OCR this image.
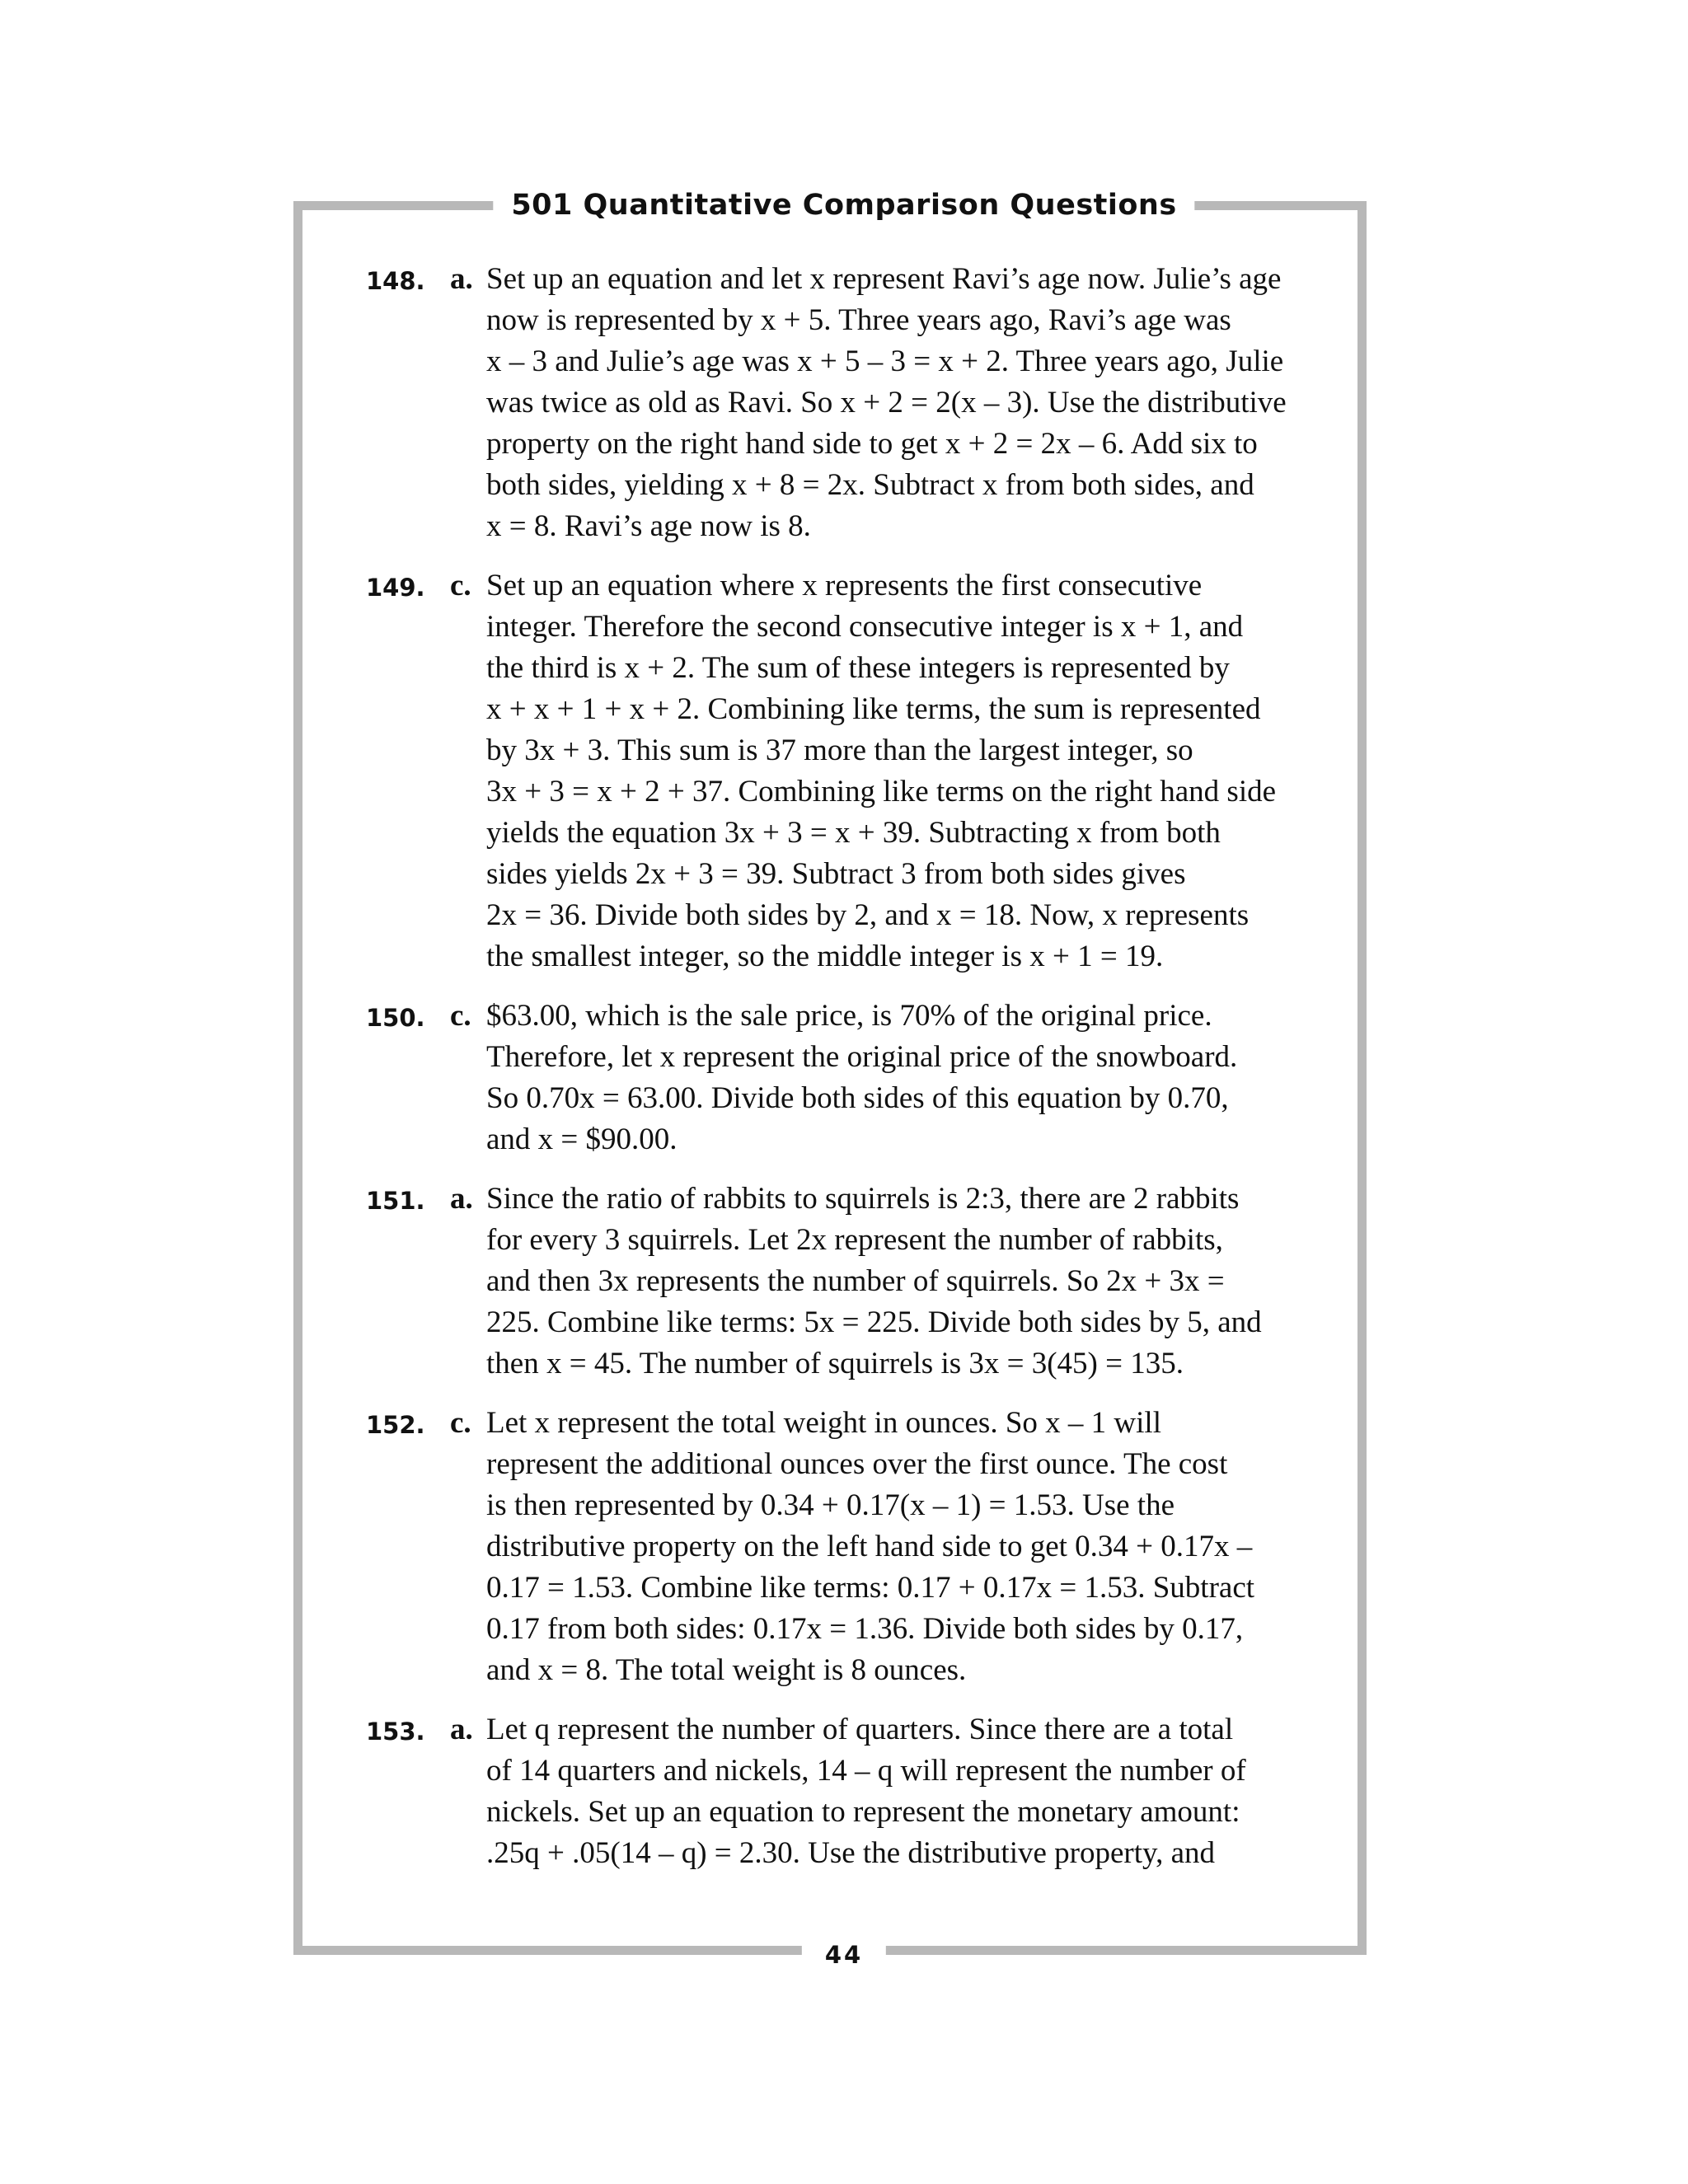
501 Quantitative Comparison Questions
148. a. Set up an equation and let x represent Ravi’s age now. Julie’s age
now is represented by x + 5. Three years ago, Ravi’s age was
x – 3 and Julie’s age was x + 5 – 3 = x + 2. Three years ago, Julie
was twice as old as Ravi. So x + 2 = 2(x – 3). Use the distributive
property on the right hand side to get x + 2 = 2x – 6. Add six to
both sides, yielding x + 8 = 2x. Subtract x from both sides, and
x = 8. Ravi’s age now is 8.
149. c. Set up an equation where x represents the first consecutive
integer. Therefore the second consecutive integer is x + 1, and
the third is x + 2. The sum of these integers is represented by
x + x + 1 + x + 2. Combining like terms, the sum is represented
by 3x + 3. This sum is 37 more than the largest integer, so
3x + 3 = x + 2 + 37. Combining like terms on the right hand side
yields the equation 3x + 3 = x + 39. Subtracting x from both
sides yields 2x + 3 = 39. Subtract 3 from both sides gives
2x = 36. Divide both sides by 2, and x = 18. Now, x represents
the smallest integer, so the middle integer is x + 1 = 19.
150. c. $63.00, which is the sale price, is 70% of the original price.
Therefore, let x represent the original price of the snowboard.
So 0.70x = 63.00. Divide both sides of this equation by 0.70,
and x = $90.00.
151. a. Since the ratio of rabbits to squirrels is 2:3, there are 2 rabbits
for every 3 squirrels. Let 2x represent the number of rabbits,
and then 3x represents the number of squirrels. So 2x + 3x =
225. Combine like terms: 5x = 225. Divide both sides by 5, and
then x = 45. The number of squirrels is 3x = 3(45) = 135.
152. c. Let x represent the total weight in ounces. So x – 1 will
represent the additional ounces over the first ounce. The cost
is then represented by 0.34 + 0.17(x – 1) = 1.53. Use the
distributive property on the left hand side to get 0.34 + 0.17x –
0.17 = 1.53. Combine like terms: 0.17 + 0.17x = 1.53. Subtract
0.17 from both sides: 0.17x = 1.36. Divide both sides by 0.17,
and x = 8. The total weight is 8 ounces.
153. a. Let q represent the number of quarters. Since there are a total
of 14 quarters and nickels, 14 – q will represent the number of
nickels. Set up an equation to represent the monetary amount:
.25q + .05(14 – q) = 2.30. Use the distributive property, and
44
